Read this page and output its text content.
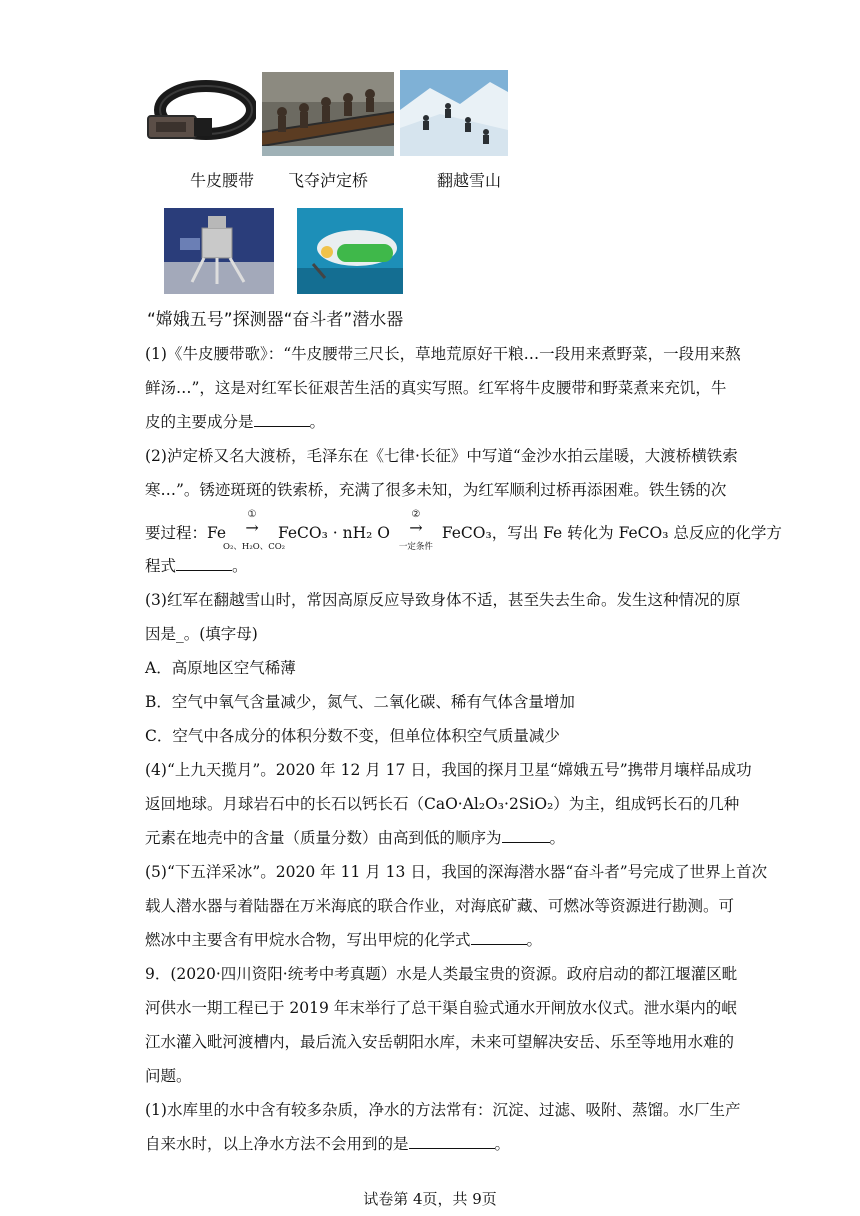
牛皮腰带 飞夺泸定桥	翻越雪山
“嫦娥五号”探测器“奋斗者”潜水器
(1)《牛皮腰带歌》：“牛皮腰带三尺长，草地荒原好干粮…一段用来煮野菜，一段用来熬
鲜汤…”，这是对红军长征艰苦生活的真实写照。红军将牛皮腰带和野菜煮来充饥，牛
皮的主要成分是	。
(2)泸定桥又名大渡桥，毛泽东在《七律·长征》中写道“金沙水拍云崖暖，大渡桥横铁索
寒…”。锈迹斑斑的铁索桥，充满了很多未知，为红军顺利过桥再添困难。铁生锈的次
要过程：Fe
①
→
O₂、H₂O、CO₂
FeCO₃ · nH₂ O
②
→
一定条件
FeCO₃，写出 Fe 转化为 FeCO₃ 总反应的化学方
程式	。
(3)红军在翻越雪山时，常因高原反应导致身体不适，甚至失去生命。发生这种情况的原
因是_。(填字母)
A．高原地区空气稀薄
B．空气中氧气含量减少，氮气、二氧化碳、稀有气体含量增加
C．空气中各成分的体积分数不变，但单位体积空气质量减少
(4)“上九天揽月”。2020 年 12 月 17 日，我国的探月卫星“嫦娥五号”携带月壤样品成功
返回地球。月球岩石中的长石以钙长石（CaO·Al₂O₃·2SiO₂）为主，组成钙长石的几种
元素在地壳中的含量（质量分数）由高到低的顺序为	。
(5)“下五洋采冰”。2020 年 11 月 13 日，我国的深海潜水器“奋斗者”号完成了世界上首次
载人潜水器与着陆器在万米海底的联合作业，对海底矿藏、可燃冰等资源进行勘测。可
燃冰中主要含有甲烷水合物，写出甲烷的化学式	。
9．(2020·四川资阳·统考中考真题）水是人类最宝贵的资源。政府启动的都江堰灌区毗
河供水一期工程已于 2019 年末举行了总干渠自验式通水开闸放水仪式。泄水渠内的岷
江水灌入毗河渡槽内，最后流入安岳朝阳水库，未来可望解决安岳、乐至等地用水难的
问题。
(1)水库里的水中含有较多杂质，净水的方法常有：沉淀、过滤、吸附、蒸馏。水厂生产
自来水时，以上净水方法不会用到的是	。
试卷第 4页，共 9页
